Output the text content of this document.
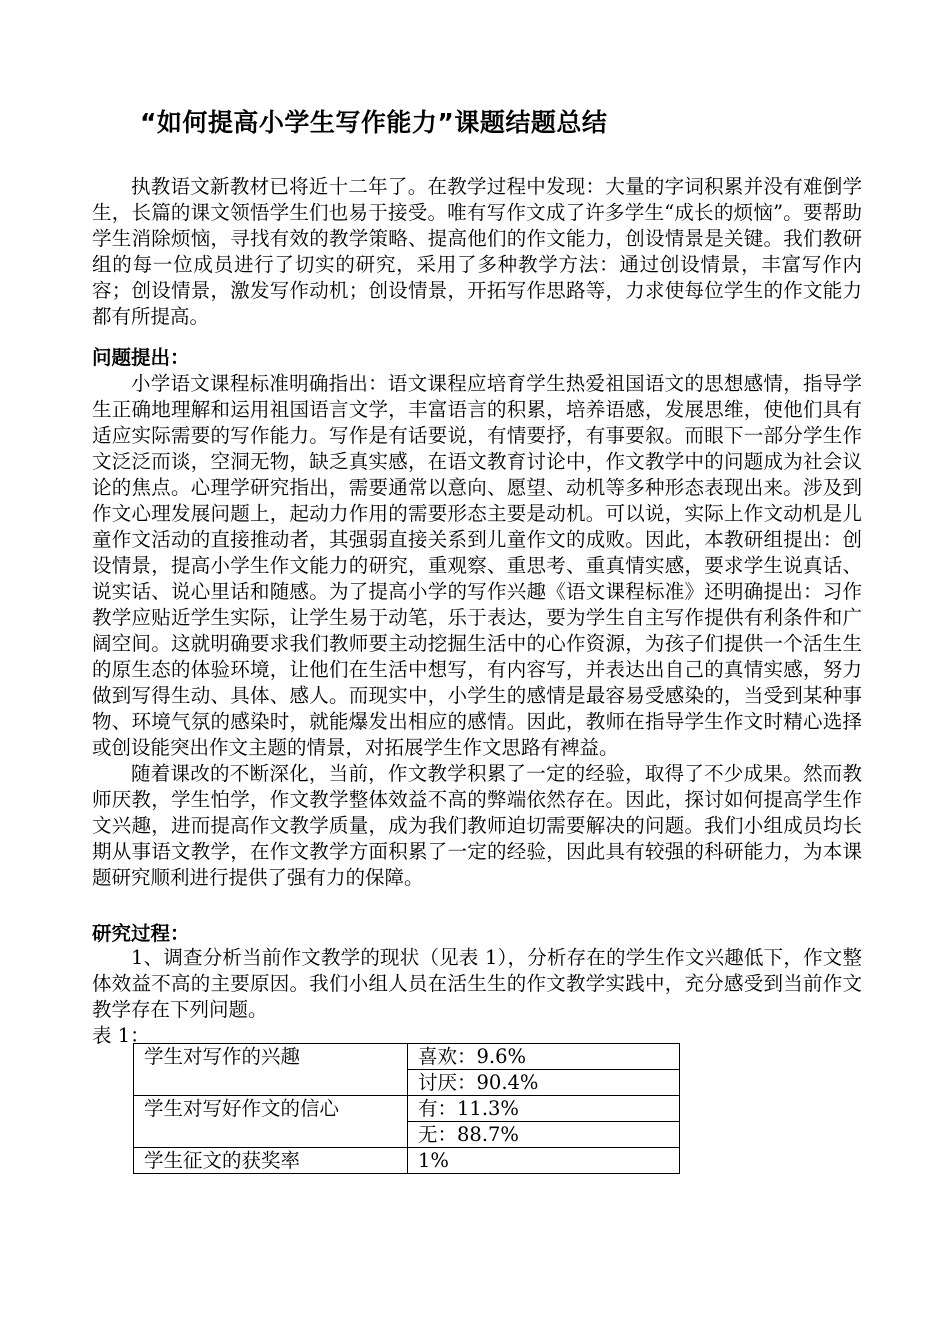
“如何提高小学生写作能力”课题结题总结

执教语文新教材已将近十二年了。在教学过程中发现：大量的字词积累并没有难倒学生，长篇的课文领悟学生们也易于接受。唯有写作文成了许多学生“成长的烦恼”。要帮助学生消除烦恼，寻找有效的教学策略、提高他们的作文能力，创设情景是关键。我们教研组的每一位成员进行了切实的研究，采用了多种教学方法：通过创设情景，丰富写作内容；创设情景，激发写作动机；创设情景，开拓写作思路等，力求使每位学生的作文能力都有所提高。

问题提出：

小学语文课程标准明确指出：语文课程应培育学生热爱祖国语文的思想感情，指导学生正确地理解和运用祖国语言文学，丰富语言的积累，培养语感，发展思维，使他们具有适应实际需要的写作能力。写作是有话要说，有情要抒，有事要叙。而眼下一部分学生作文泛泛而谈，空洞无物，缺乏真实感，在语文教育讨论中，作文教学中的问题成为社会议论的焦点。心理学研究指出，需要通常以意向、愿望、动机等多种形态表现出来。涉及到作文心理发展问题上，起动力作用的需要形态主要是动机。可以说，实际上作文动机是儿童作文活动的直接推动者，其强弱直接关系到儿童作文的成败。因此，本教研组提出：创设情景，提高小学生作文能力的研究，重观察、重思考、重真情实感，要求学生说真话、说实话、说心里话和随感。为了提高小学的写作兴趣《语文课程标准》还明确提出：习作教学应贴近学生实际，让学生易于动笔，乐于表达，要为学生自主写作提供有利条件和广阔空间。这就明确要求我们教师要主动挖掘生活中的心作资源，为孩子们提供一个活生生的原生态的体验环境，让他们在生活中想写，有内容写，并表达出自己的真情实感，努力做到写得生动、具体、感人。而现实中，小学生的感情是最容易受感染的，当受到某种事物、环境气氛的感染时，就能爆发出相应的感情。因此，教师在指导学生作文时精心选择或创设能突出作文主题的情景，对拓展学生作文思路有裨益。

随着课改的不断深化，当前，作文教学积累了一定的经验，取得了不少成果。然而教师厌教，学生怕学，作文教学整体效益不高的弊端依然存在。因此，探讨如何提高学生作文兴趣，进而提高作文教学质量，成为我们教师迫切需要解决的问题。我们小组成员均长期从事语文教学，在作文教学方面积累了一定的经验，因此具有较强的科研能力，为本课题研究顺利进行提供了强有力的保障。

研究过程：

1、调查分析当前作文教学的现状（见表 1），分析存在的学生作文兴趣低下，作文整体效益不高的主要原因。我们小组人员在活生生的作文教学实践中，充分感受到当前作文教学存在下列问题。

表 1：
学生对写作的兴趣	喜欢：9.6%
	讨厌：90.4%
学生对写好作文的信心	有：11.3%
	无：88.7%
学生征文的获奖率	1%
